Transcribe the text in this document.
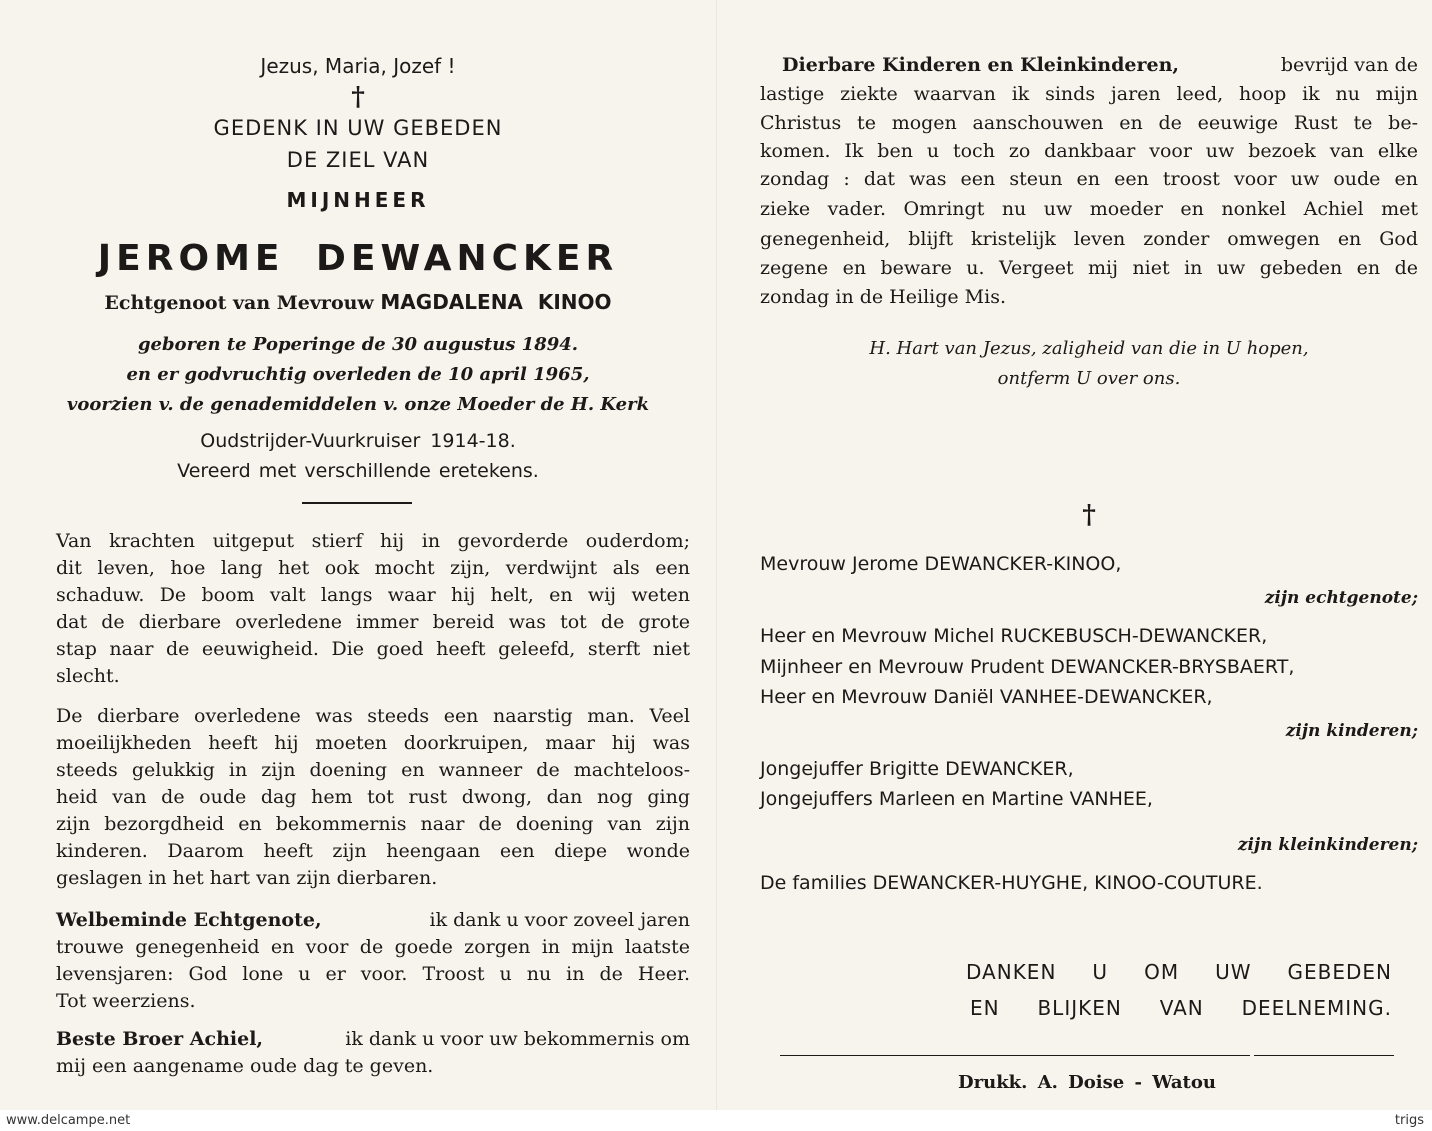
Jezus, Maria, Jozef !
†
GEDENK IN UW GEBEDEN
DE ZIEL VAN
MIJNHEER
JEROME DEWANCKER
Echtgenoot van Mevrouw MAGDALENA KINOO
geboren te Poperinge de 30 augustus 1894.
en er godvruchtig overleden de 10 april 1965,
voorzien v. de genademiddelen v. onze Moeder de H. Kerk
Oudstrijder-Vuurkruiser 1914-18.
Vereerd met verschillende eretekens.
Van krachten uitgeput stierf hij in gevorderde ouderdom;
dit leven, hoe lang het ook mocht zijn, verdwijnt als een
schaduw. De boom valt langs waar hij helt, en wij weten
dat de dierbare overledene immer bereid was tot de grote
stap naar de eeuwigheid. Die goed heeft geleefd, sterft niet
slecht.
De dierbare overledene was steeds een naarstig man. Veel
moeilijkheden heeft hij moeten doorkruipen, maar hij was
steeds gelukkig in zijn doening en wanneer de machteloos-
heid van de oude dag hem tot rust dwong, dan nog ging
zijn bezorgdheid en bekommernis naar de doening van zijn
kinderen. Daarom heeft zijn heengaan een diepe wonde
geslagen in het hart van zijn dierbaren.
Welbeminde Echtgenote,	ik dank u voor zoveel jaren
trouwe genegenheid en voor de goede zorgen in mijn laatste
levensjaren: God lone u er voor. Troost u nu in de Heer.
Tot weerziens.
Beste Broer Achiel,	ik dank u voor uw bekommernis om
mij een aangename oude dag te geven.
Dierbare Kinderen en Kleinkinderen,	bevrijd van de
lastige ziekte waarvan ik sinds jaren leed, hoop ik nu mijn
Christus te mogen aanschouwen en de eeuwige Rust te be-
komen. Ik ben u toch zo dankbaar voor uw bezoek van elke
zondag : dat was een steun en een troost voor uw oude en
zieke vader. Omringt nu uw moeder en nonkel Achiel met
genegenheid, blijft kristelijk leven zonder omwegen en God
zegene en beware u. Vergeet mij niet in uw gebeden en de
zondag in de Heilige Mis.
H. Hart van Jezus, zaligheid van die in U hopen,
ontferm U over ons.
†
Mevrouw Jerome DEWANCKER-KINOO,
zijn echtgenote;
Heer en Mevrouw Michel RUCKEBUSCH-DEWANCKER,
Mijnheer en Mevrouw Prudent DEWANCKER-BRYSBAERT,
Heer en Mevrouw Daniël VANHEE-DEWANCKER,
zijn kinderen;
Jongejuffer Brigitte DEWANCKER,
Jongejuffers Marleen en Martine VANHEE,
zijn kleinkinderen;
De families DEWANCKER-HUYGHE, KINOO-COUTURE.
DANKEN U OM UW GEBEDEN
EN BLIJKEN VAN DEELNEMING.
Drukk. A. Doise - Watou
www.delcampe.net	trigs
